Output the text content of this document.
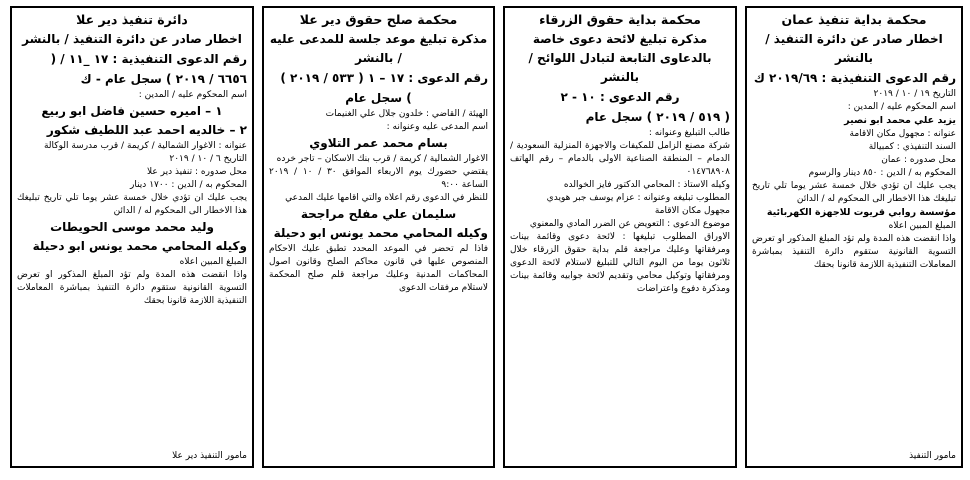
محكمة بداية تنفيذ عمان
اخطار صادر عن دائرة التنفيذ / بالنشر
رقم الدعوى التنفيذية : ٢٠١٩/٦٩ ك
التاريخ ١٩ / ١٠ / ٢٠١٩
اسم المحكوم عليه / المدين :
يزيد علي محمد ابو نصير
عنوانه : مجهول مكان الاقامة
السند التنفيذي : كمبيالة
محل صدوره : عمان
المحكوم به / الدين : ٨٥٠ دينار والرسوم
يجب عليك ان تؤدي خلال خمسة عشر يوما تلي تاريخ تبليغك هذا الاخطار الى المحكوم له / الدائن
مؤسسة روابي قريوت للاجهزة الكهربائية
المبلغ المبين اعلاه
واذا انقضت هذه المدة ولم تؤد المبلغ المذكور او تعرض التسوية القانونية ستقوم دائرة التنفيذ بمباشرة المعاملات التنفيذية اللازمة قانونا بحقك
مامور التنفيذ
محكمة بداية حقوق الزرقاء
مذكرة تبليغ لائحة دعوى خاصة
بالدعاوى التابعة لتبادل اللوائح /
بالنشر
رقم الدعوى : ١٠ - ٢
( ٥١٩ / ٢٠١٩ ) سجل عام
طالب التبليغ وعنوانه :
شركة مصنع الزامل للمكيفات والاجهزة المنزلية السعودية / الدمام – المنطقة الصناعية الاولى بالدمام – رقم الهاتف ٠١٤٧٦٨٩٠٨
وكيله الاستاذ : المحامي الدكتور فايز الخوالده
المطلوب تبليغه وعنوانه : عزام يوسف جبر هويدي
مجهول مكان الاقامة
موضوع الدعوى : التعويض عن الضرر المادي والمعنوي
الاوراق المطلوب تبليغها : لائحة دعوى وقائمة بينات ومرفقاتها وعليك مراجعة قلم بداية حقوق الزرقاء خلال ثلاثون يوما من اليوم التالي للتبليغ لاستلام لائحة الدعوى ومرفقاتها وتوكيل محامي وتقديم لائحة جوابيه وقائمة بينات ومذكرة دفوع واعتراضات
محكمة صلح حقوق دير علا
مذكرة تبليغ موعد جلسة للمدعى عليه
/ بالنشر
رقم الدعوى : ١٧ – ١ ( ٥٣٣ / ٢٠١٩ )
) سجل عام
الهيئة / القاضي : خلدون جلال علي الغنيمات
اسم المدعى عليه وعنوانه :
بسام محمد عمر التلاوي
الاغوار الشمالية / كريمة / قرب بنك الاسكان – تاجر خرده
يقتضي حضورك يوم الاربعاء الموافق ٣٠ / ١٠ / ٢٠١٩ الساعة ٩:٠٠
للنظر في الدعوى رقم اعلاه والتي اقامها عليك المدعي
سليمان علي مفلح مراجحة
وكيله المحامي محمد يونس ابو دحيلة
فاذا لم تحضر في الموعد المحدد تطبق عليك الاحكام المنصوص عليها في قانون محاكم الصلح وقانون اصول المحاكمات المدنية وعليك مراجعة قلم صلح المحكمة لاستلام مرفقات الدعوى
دائرة تنفيذ دير علا
اخطار صادر عن دائرة التنفيذ / بالنشر
رقم الدعوى التنفيذية : ١٧ _١١ / (
٦٦٥٦ / ٢٠١٩ ) سجل عام - ك
اسم المحكوم عليه / المدين :
١ – اميره حسين فاضل ابو ربيع
٢ – خالديه احمد عبد اللطيف شكور
عنوانه : الاغوار الشمالية / كريمة / قرب مدرسة الوكالة
التاريخ ٦ / ١٠ / ٢٠١٩
محل صدوره : تنفيذ دير علا
المحكوم به / الدين : ١٧٠٠ دينار
يجب عليك ان تؤدي خلال خمسة عشر يوما تلي تاريخ تبليغك هذا الاخطار الى المحكوم له / الدائن
وليد محمد موسى الحويطات
وكيله المحامي محمد يونس ابو دحيلة
المبلغ المبين اعلاه
واذا انقضت هذه المدة ولم تؤد المبلغ المذكور او تعرض التسوية القانونية ستقوم دائرة التنفيذ بمباشرة المعاملات التنفيذية اللازمة قانونا بحقك
مامور التنفيذ دير علا
